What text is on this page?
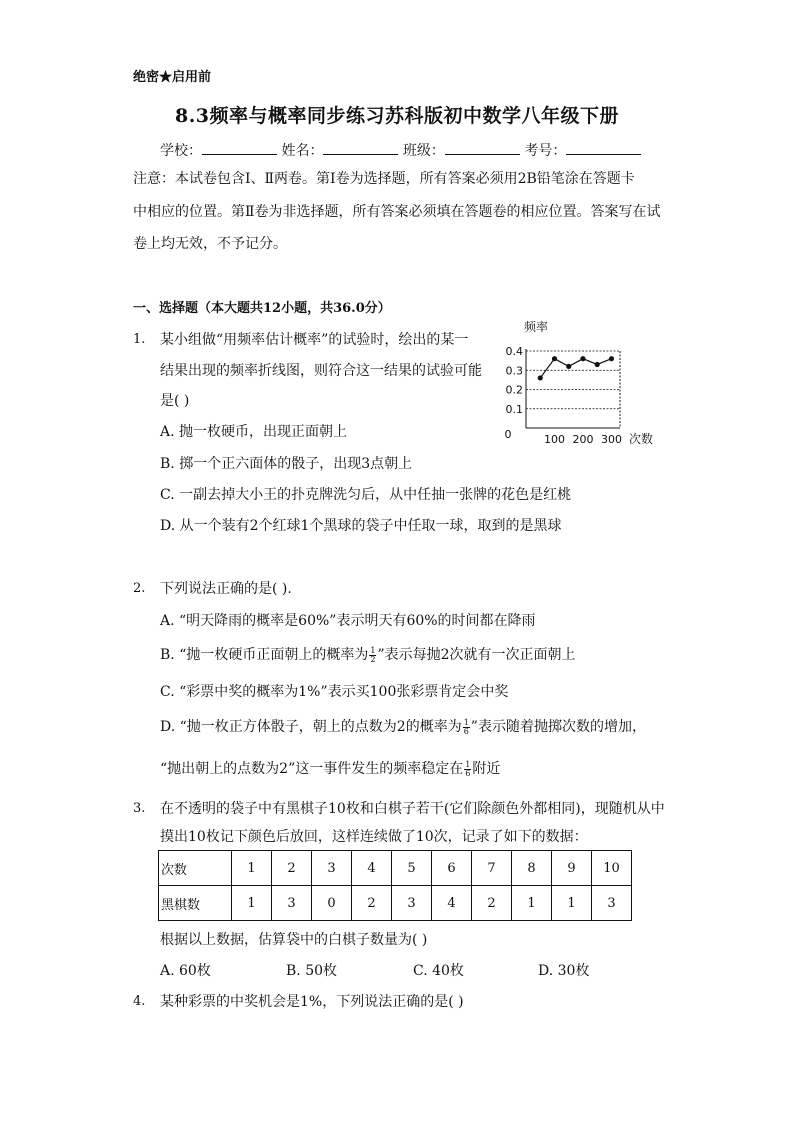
绝密★启用前
8.3频率与概率同步练习苏科版初中数学八年级下册
学校：	姓名：	班级：	考号：
注意：本试卷包含Ⅰ、Ⅱ两卷。第Ⅰ卷为选择题，所有答案必须用2B铅笔涂在答题卡
中相应的位置。第Ⅱ卷为非选择题，所有答案必须填在答题卷的相应位置。答案写在试
卷上均无效，不予记分。
一、选择题（本大题共12小题，共36.0分）
1. 某小组做“用频率估计概率”的试验时，绘出的某一
结果出现的频率折线图，则符合这一结果的试验可能
是( )
A. 抛一枚硬币，出现正面朝上
B. 掷一个正六面体的骰子，出现3点朝上
C. 一副去掉大小王的扑克牌洗匀后，从中任抽一张牌的花色是红桃
D. 从一个装有2个红球1个黑球的袋子中任取一球，取到的是黑球
0.1
0.2
0.3
0.4
100 200 300
0
频率
次数
2. 下列说法正确的是( ).
A. “明天降雨的概率是60%”表示明天有60%的时间都在降雨
B. “抛一枚硬币正面朝上的概率为 $\frac{1}{2}$ ”表示每抛2次就有一次正面朝上
C. “彩票中奖的概率为1%”表示买100张彩票肯定会中奖
D. “抛一枚正方体骰子，朝上的点数为2的概率为 $\frac{1}{6}$ ”表示随着抛掷次数的增加，
“抛出朝上的点数为2”这一事件发生的频率稳定在 $\frac{1}{6}$ 附近
3. 在不透明的袋子中有黑棋子10枚和白棋子若干(它们除颜色外都相同)，现随机从中
摸出10枚记下颜色后放回，这样连续做了10次，记录了如下的数据：
次数	1	2	3	4	5	6	7	8	9	10
黑棋数	1	3	0	2	3	4	2	1	1	3
根据以上数据，估算袋中的白棋子数量为( )
A. 60枚	B. 50枚	C. 40枚	D. 30枚
4. 某种彩票的中奖机会是1%，下列说法正确的是( )
